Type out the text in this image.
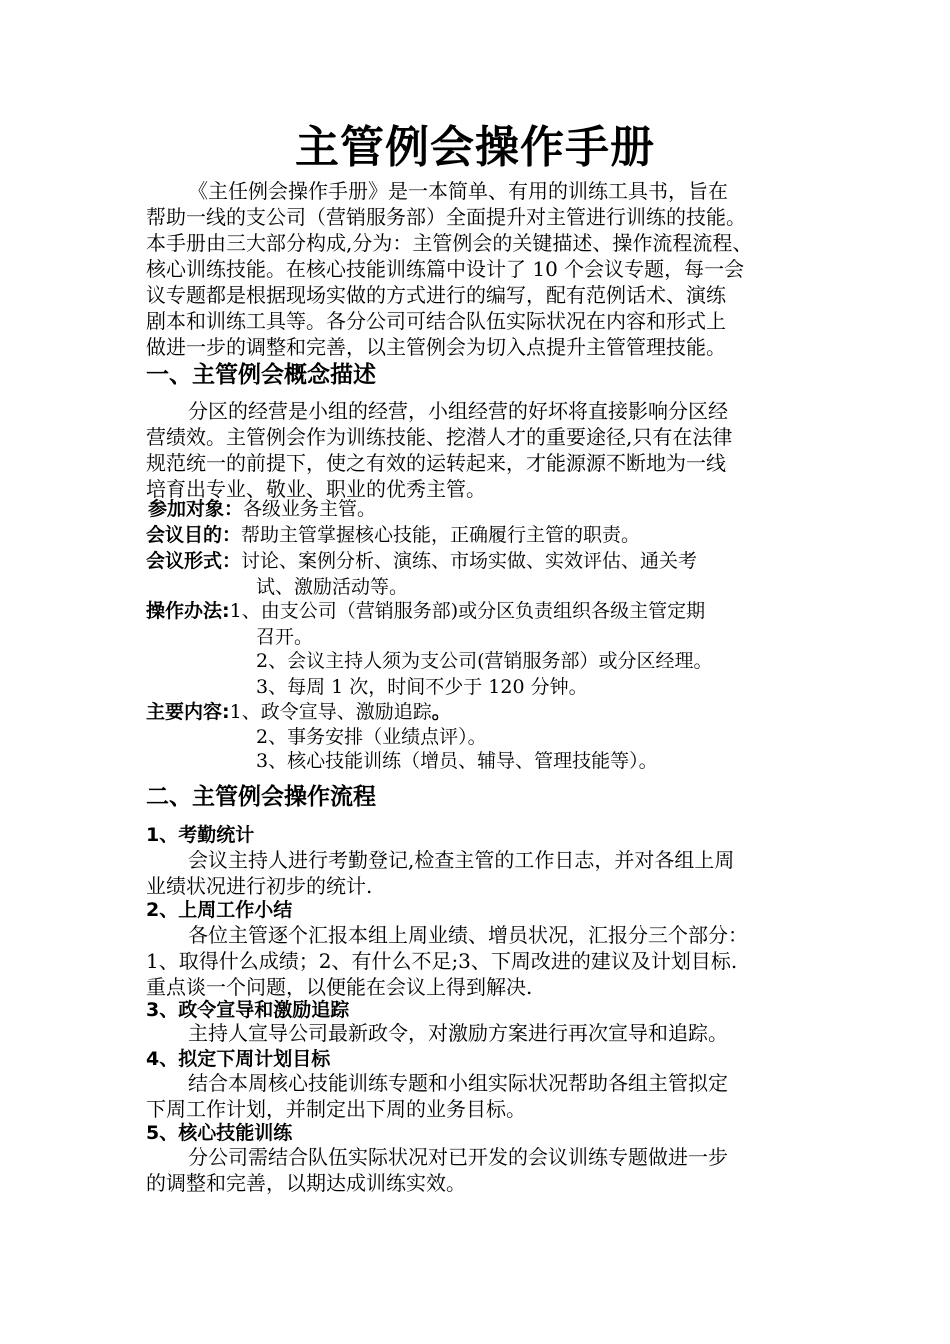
主管例会操作手册
《主任例会操作手册》是一本简单、有用的训练工具书，旨在
帮助一线的支公司（营销服务部）全面提升对主管进行训练的技能。
本手册由三大部分构成,分为：主管例会的关键描述、操作流程流程、
核心训练技能。在核心技能训练篇中设计了 10 个会议专题，每一会
议专题都是根据现场实做的方式进行的编写，配有范例话术、演练
剧本和训练工具等。各分公司可结合队伍实际状况在内容和形式上
做进一步的调整和完善，以主管例会为切入点提升主管管理技能。
一、主管例会概念描述
分区的经营是小组的经营，小组经营的好坏将直接影响分区经
营绩效。主管例会作为训练技能、挖潜人才的重要途径,只有在法律
规范统一的前提下，使之有效的运转起来，才能源源不断地为一线
培育出专业、敬业、职业的优秀主管。
参加对象：各级业务主管。
会议目的：帮助主管掌握核心技能，正确履行主管的职责。
会议形式：讨论、案例分析、演练、市场实做、实效评估、通关考
试、激励活动等。
操作办法:1、由支公司（营销服务部)或分区负责组织各级主管定期
召开。
2、会议主持人须为支公司(营销服务部）或分区经理。
3、每周 1 次，时间不少于 120 分钟。
主要内容:1、政令宣导、激励追踪。
2、事务安排（业绩点评）。
3、核心技能训练（增员、辅导、管理技能等）。
二、主管例会操作流程
1、考勤统计
会议主持人进行考勤登记,检查主管的工作日志，并对各组上周
业绩状况进行初步的统计.
2、上周工作小结
各位主管逐个汇报本组上周业绩、增员状况，汇报分三个部分：
1、取得什么成绩；2、有什么不足;3、下周改进的建议及计划目标.
重点谈一个问题，以便能在会议上得到解决.
3、政令宣导和激励追踪
主持人宣导公司最新政令，对激励方案进行再次宣导和追踪。
4、拟定下周计划目标
结合本周核心技能训练专题和小组实际状况帮助各组主管拟定
下周工作计划，并制定出下周的业务目标。
5、核心技能训练
分公司需结合队伍实际状况对已开发的会议训练专题做进一步
的调整和完善，以期达成训练实效。
